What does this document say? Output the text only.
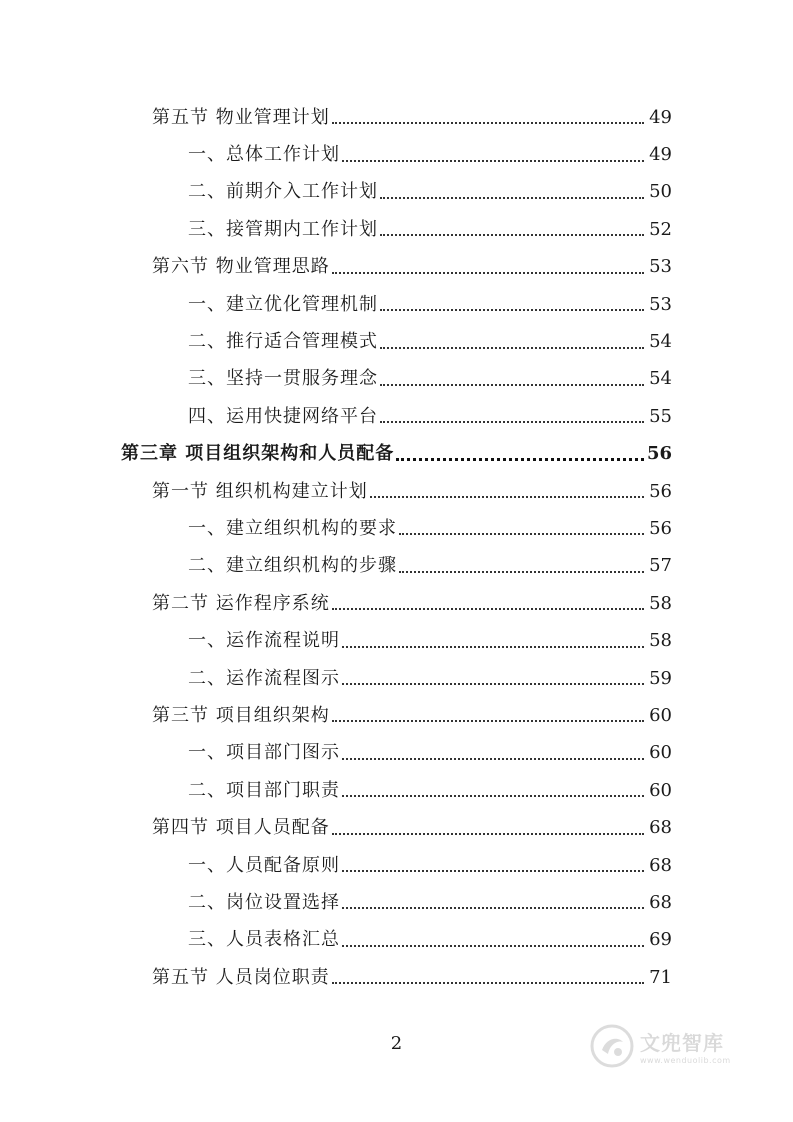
第五节 物业管理计划	49
一、总体工作计划	49
二、前期介入工作计划	50
三、接管期内工作计划	52
第六节 物业管理思路	53
一、建立优化管理机制	53
二、推行适合管理模式	54
三、坚持一贯服务理念	54
四、运用快捷网络平台	55
第三章 项目组织架构和人员配备	56
第一节 组织机构建立计划	56
一、建立组织机构的要求	56
二、建立组织机构的步骤	57
第二节 运作程序系统	58
一、运作流程说明	58
二、运作流程图示	59
第三节 项目组织架构	60
一、项目部门图示	60
二、项目部门职责	60
第四节 项目人员配备	68
一、人员配备原则	68
二、岗位设置选择	68
三、人员表格汇总	69
第五节 人员岗位职责	71
2	文兜智库
www.wenduolib.com
